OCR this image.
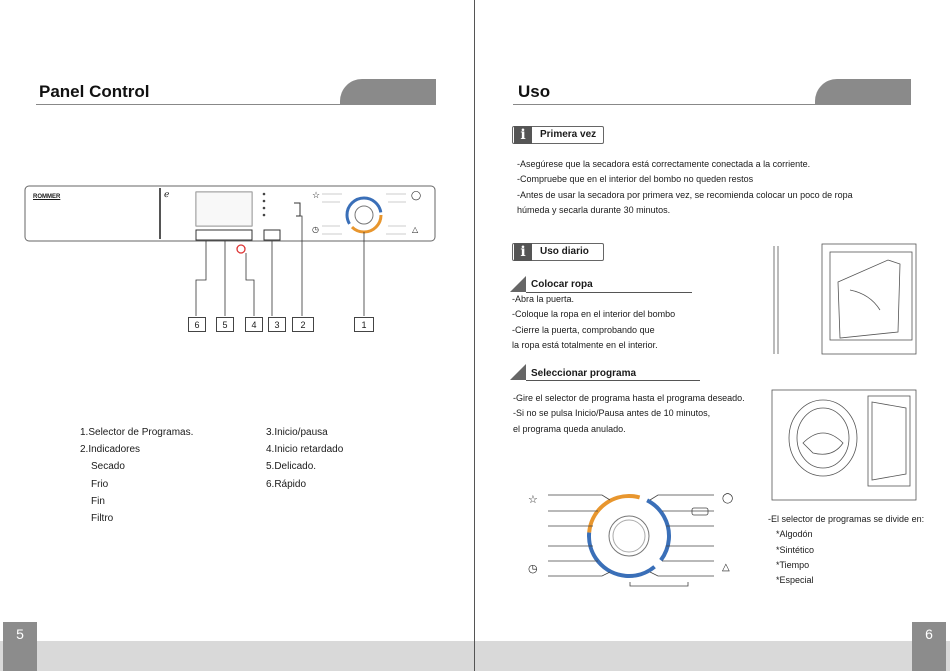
5	6
Panel Control
ROMMER	ℯ	☆	◯
◷	△
6	5	4	3	2	1
1.Selector de Programas.
2.Indicadores
Secado
Frio
Fin
Filtro
3.Inicio/pausa
4.Inicio retardado
5.Delicado.
6.Rápido
Uso
i	Primera vez
-Asegúrese que la secadora está correctamente conectada a la corriente.
-Compruebe que en el interior del bombo no queden restos
-Antes de usar la secadora por primera vez, se recomienda colocar un poco de ropa
húmeda y secarla durante 30 minutos.
i	Uso diario
Colocar ropa
-Abra la puerta.
-Coloque la ropa en el interior del bombo
-Cierre la puerta, comprobando que
la ropa está totalmente en el interior.
Seleccionar programa
-Gire el selector de programa hasta el programa deseado.
-Si no se pulsa Inicio/Pausa antes de 10 minutos,
el programa queda anulado.
☆	◯
◷	△
-El selector de programas se divide en:
*Algodón
*Sintético
*Tiempo
*Especial
